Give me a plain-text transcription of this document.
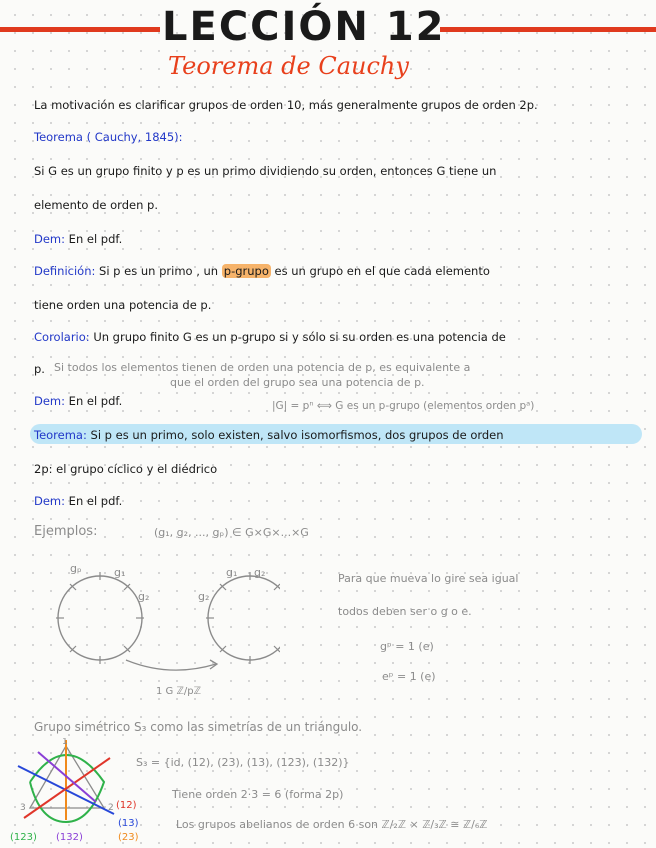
LECCIÓN 12
Teorema de Cauchy
La motivación es clarificar grupos de orden 10, más generalmente grupos de orden 2p.
Teorema ( Cauchy, 1845):
Si G es un grupo finito y p es un primo dividiendo su orden, entonces G tiene un
elemento de orden p.
Dem: En el pdf.
Definición: Si p es un primo , un p-grupo es un grupo en el que cada elemento
tiene orden una potencia de p.
Corolario: Un grupo finito G es un p-grupo si y sólo si su orden es una potencia de
p. Si todos los elementos tienen de orden una potencia de p, es equivalente a
que el orden del grupo sea una potencia de p.
Dem: En el pdf.	|G| = pⁿ ⟺ G es un p-grupo (elementos orden pᵃ)
Teorema: Si p es un primo, solo existen, salvo isomorfismos, dos grupos de orden
2p: el grupo cíclico y el diédrico
Dem: En el pdf.
Ejemplos:	(g₁, g₂, ..., gₚ) ∈ G×G×...×G
gₚ	g₁
g₂	g₂
g₁ g₂
1 G ℤ/pℤ
Para que mueva lo gire sea igual
todos deben ser o g o e.
gᵖ = 1 (e)
eᵖ = 1 (e)
Grupo simétrico S₃ como las simetrías de un triángulo.
1
2
3	(12)
(13)
(123) (132)	(23)
S₃ = {id, (12), (23), (13), (123), (132)}
Tiene orden 2·3 = 6 (forma 2p)
Los grupos abelianos de orden 6 son ℤ/₂ℤ × ℤ/₃ℤ ≅ ℤ/₆ℤ
